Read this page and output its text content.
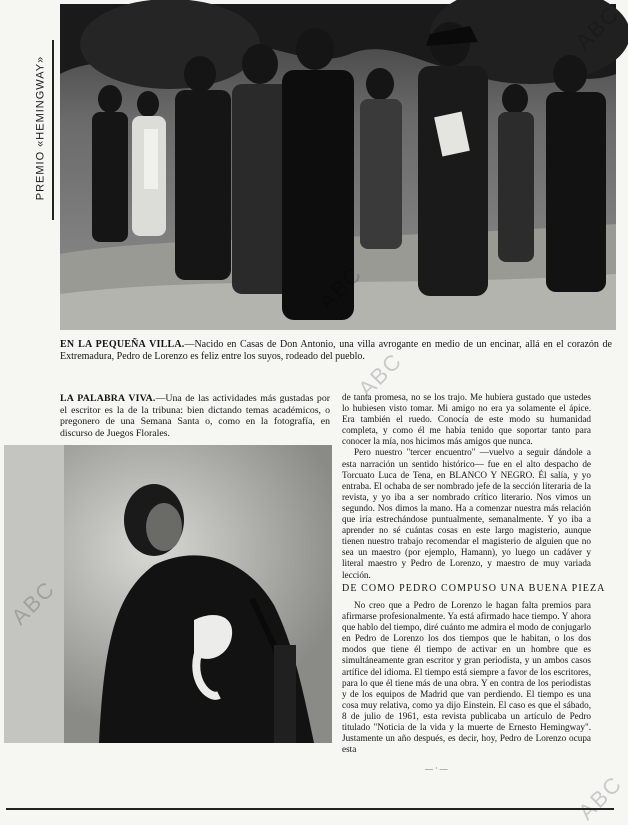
PREMIO «HEMINGWAY»
EN LA PEQUEÑA VILLA.—Nacido en Casas de Don Antonio, una villa avrogante en medio de un encinar, allá en el corazón de Extremadura, Pedro de Lorenzo es feliz entre los suyos, rodeado del pueblo.
LA PALABRA VIVA.—Una de las actividades más gustadas por el escritor es la de la tribuna: bien dictando temas académicos, o pregonero de una Semana Santa o, como en la fotografía, en discurso de Juegos Florales.

de tanta promesa, no se los trajo. Me hubiera gustado que ustedes lo hubiesen visto tomar. Mi amigo no era ya solamente el ápice. Era también el ruedo. Conocía de este modo su humanidad completa, y como él me había tenido que soportar tanto para conocer la mía, nos hicimos más amigos que nunca.

Pero nuestro "tercer encuentro" —vuelvo a seguir dándole a esta narración un sentido histórico— fue en el alto despacho de Torcuato Luca de Tena, en BLANCO Y NEGRO. Él salía, y yo entraba. El ochaba de ser nombrado jefe de la sección literaria de la revista, y yo iba a ser nombrado crítico literario. Nos vimos un segundo. Nos dimos la mano. Ha a comenzar nuestra más relación que iría estrechándose puntualmente, semanalmente. Y yo iba a aprender no sé cuántas cosas en este largo magisterio, aunque tienen nuestro trabajo recomendar el magisterio de alguien que no sea un maestro (por ejemplo, Hamann), yo luego un cadáver y literal maestro y Pedro de Lorenzo, y maestro de muy variada lección.

DE COMO PEDRO COMPUSO UNA BUENA PIEZA

No creo que a Pedro de Lorenzo le hagan falta premios para afirmarse profesionalmente. Ya está afirmado hace tiempo. Y ahora que hablo del tiempo, diré cuánto me admira el modo de conjugarlo en Pedro de Lorenzo los dos tiempos que le habitan, o los dos modos que tiene él tiempo de activar en un hombre que es simultáneamente gran escritor y gran periodista, y un ambos casos artífice del idioma. El tiempo está siempre a favor de los escritores, para lo que él tiene más de una obra. Y en contra de los periodistas y de los equipos de Madrid que van perdiendo. El tiempo es una cosa muy relativa, como ya dijo Einstein. El caso es que el sábado, 8 de julio de 1961, esta revista publicaba un artículo de Pedro titulado "Noticia de la vida y la muerte de Ernesto Hemingway". Justamente un año después, es decir, hoy, Pedro de Lorenzo ocupa esta

— · —
ABC
ABC
